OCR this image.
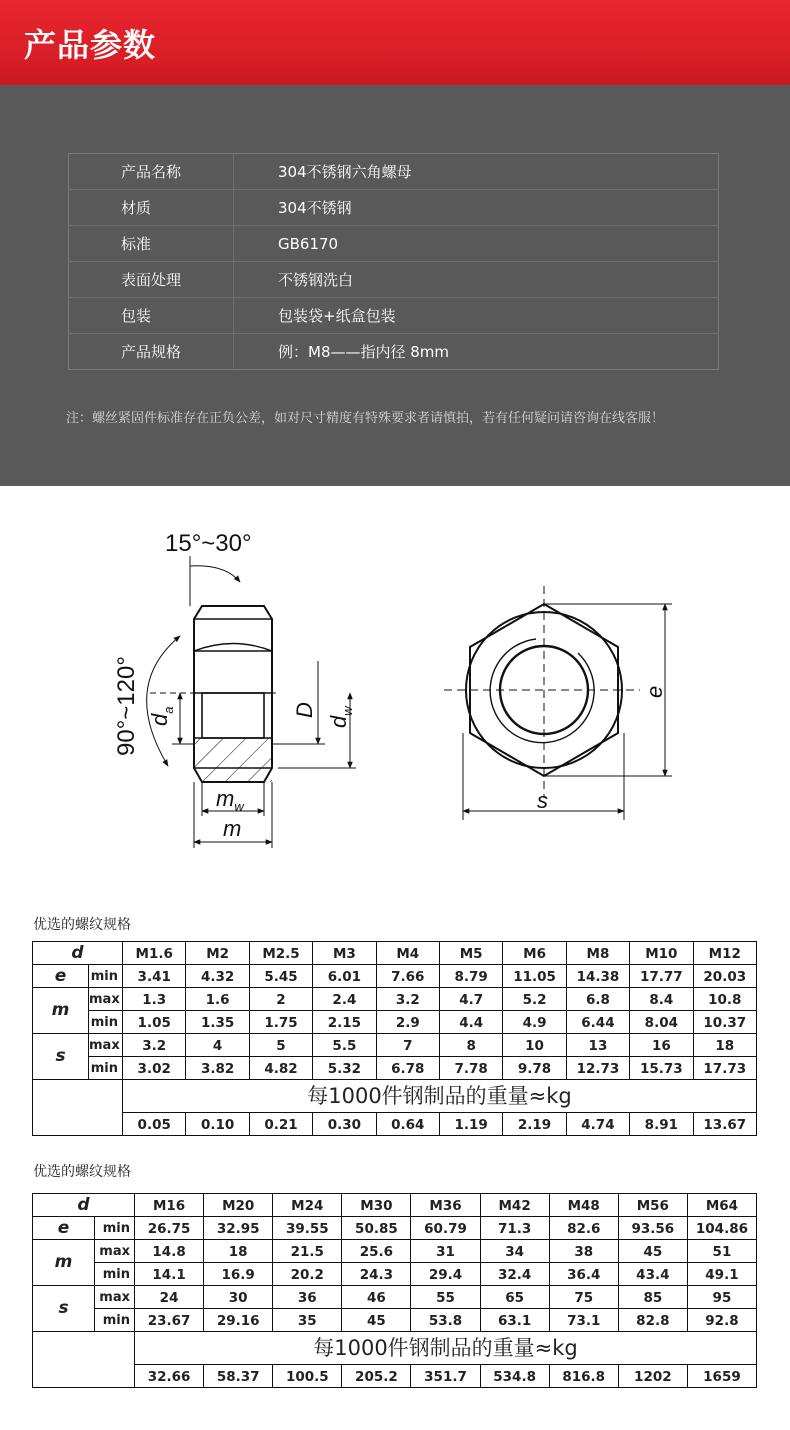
产品参数
产品名称	304不锈钢六角螺母
材质	304不锈钢
标准	GB6170
表面处理	不锈钢洗白
包装	包装袋+纸盒包装
产品规格	例：M8——指内径 8mm
注：螺丝紧固件标准存在正负公差，如对尺寸精度有特殊要求者请慎拍，若有任何疑问请咨询在线客服！
15°~30°
90°~120° $d_a$	D
$d_w$
$m_w$
m
e
s
优选的螺纹规格
d		M1.6	M2	M2.5	M3	M4	M5	M6	M8	M10	M12
e	min	3.41	4.32	5.45	6.01	7.66	8.79	11.05	14.38	17.77	20.03
m	max	1.3	1.6	2	2.4	3.2	4.7	5.2	6.8	8.4	10.8
	min	1.05	1.35	1.75	2.15	2.9	4.4	4.9	6.44	8.04	10.37
s	max	3.2	4	5	5.5	7	8	10	13	16	18
	min	3.02	3.82	4.82	5.32	6.78	7.78	9.78	12.73	15.73	17.73
		每1000件钢制品的重量≈kg									
		0.05	0.10	0.21	0.30	0.64	1.19	2.19	4.74	8.91	13.67
优选的螺纹规格
d		M16	M20	M24	M30	M36	M42	M48	M56	M64
e	min	26.75	32.95	39.55	50.85	60.79	71.3	82.6	93.56	104.86
m	max	14.8	18	21.5	25.6	31	34	38	45	51
	min	14.1	16.9	20.2	24.3	29.4	32.4	36.4	43.4	49.1
s	max	24	30	36	46	55	65	75	85	95
	min	23.67	29.16	35	45	53.8	63.1	73.1	82.8	92.8
		每1000件钢制品的重量≈kg								
		32.66	58.37	100.5	205.2	351.7	534.8	816.8	1202	1659
